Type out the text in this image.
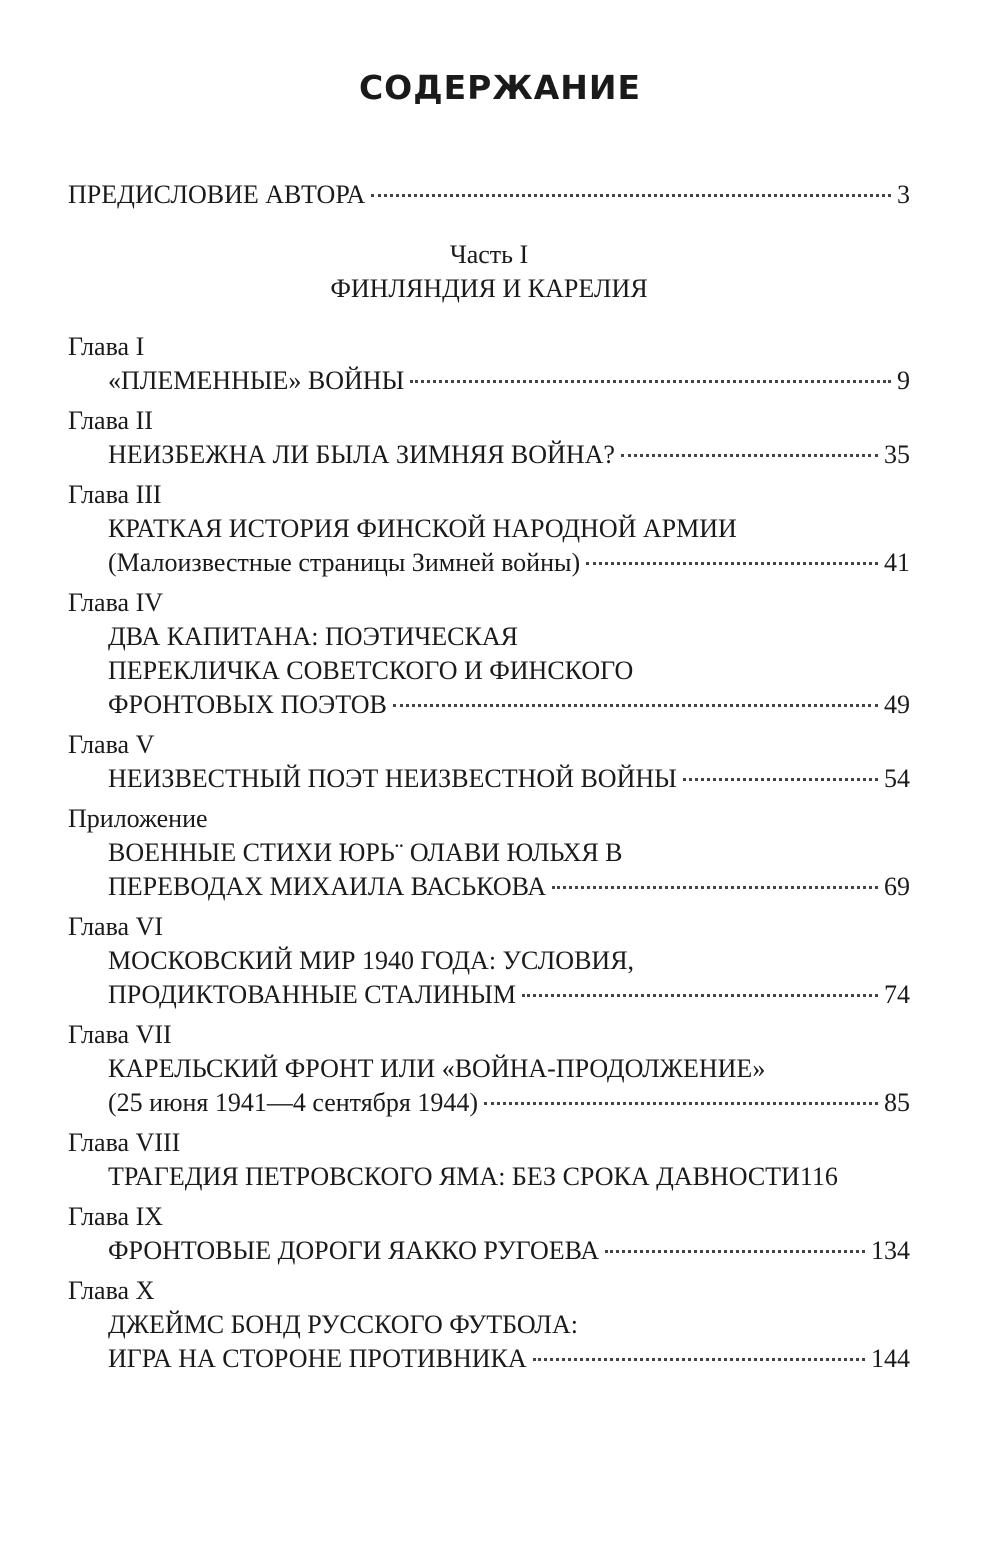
СОДЕРЖАНИЕ
ПРЕДИСЛОВИЕ АВТОРА	3
Часть I
ФИНЛЯНДИЯ И КАРЕЛИЯ
Глава I
«ПЛЕМЕННЫЕ» ВОЙНЫ	9
Глава II
НЕИЗБЕЖНА ЛИ БЫЛА ЗИМНЯЯ ВОЙНА?	35
Глава III
КРАТКАЯ ИСТОРИЯ ФИНСКОЙ НАРОДНОЙ АРМИИ
(Малоизвестные страницы Зимней войны)	41
Глава IV
ДВА КАПИТАНА: ПОЭТИЧЕСКАЯ
ПЕРЕКЛИЧКА СОВЕТСКОГО И ФИНСКОГО
ФРОНТОВЫХ ПОЭТОВ	49
Глава V
НЕИЗВЕСТНЫЙ ПОЭТ НЕИЗВЕСТНОЙ ВОЙНЫ	54
Приложение
ВОЕННЫЕ СТИХИ ЮРЬ¨ ОЛАВИ ЮЛЬХЯ В
ПЕРЕВОДАХ МИХАИЛА ВАСЬКОВА	69
Глава VI
МОСКОВСКИЙ МИР 1940 ГОДА: УСЛОВИЯ,
ПРОДИКТОВАННЫЕ СТАЛИНЫМ	74
Глава VII
КАРЕЛЬСКИЙ ФРОНТ ИЛИ «ВОЙНА-ПРОДОЛЖЕНИЕ»
(25 июня 1941—4 сентября 1944)	85
Глава VIII
ТРАГЕДИЯ ПЕТРОВСКОГО ЯМА: БЕЗ СРОКА ДАВНОСТИ 116
Глава IX
ФРОНТОВЫЕ ДОРОГИ ЯАККО РУГОЕВА	134
Глава X
ДЖЕЙМС БОНД РУССКОГО ФУТБОЛА:
ИГРА НА СТОРОНЕ ПРОТИВНИКА	144
